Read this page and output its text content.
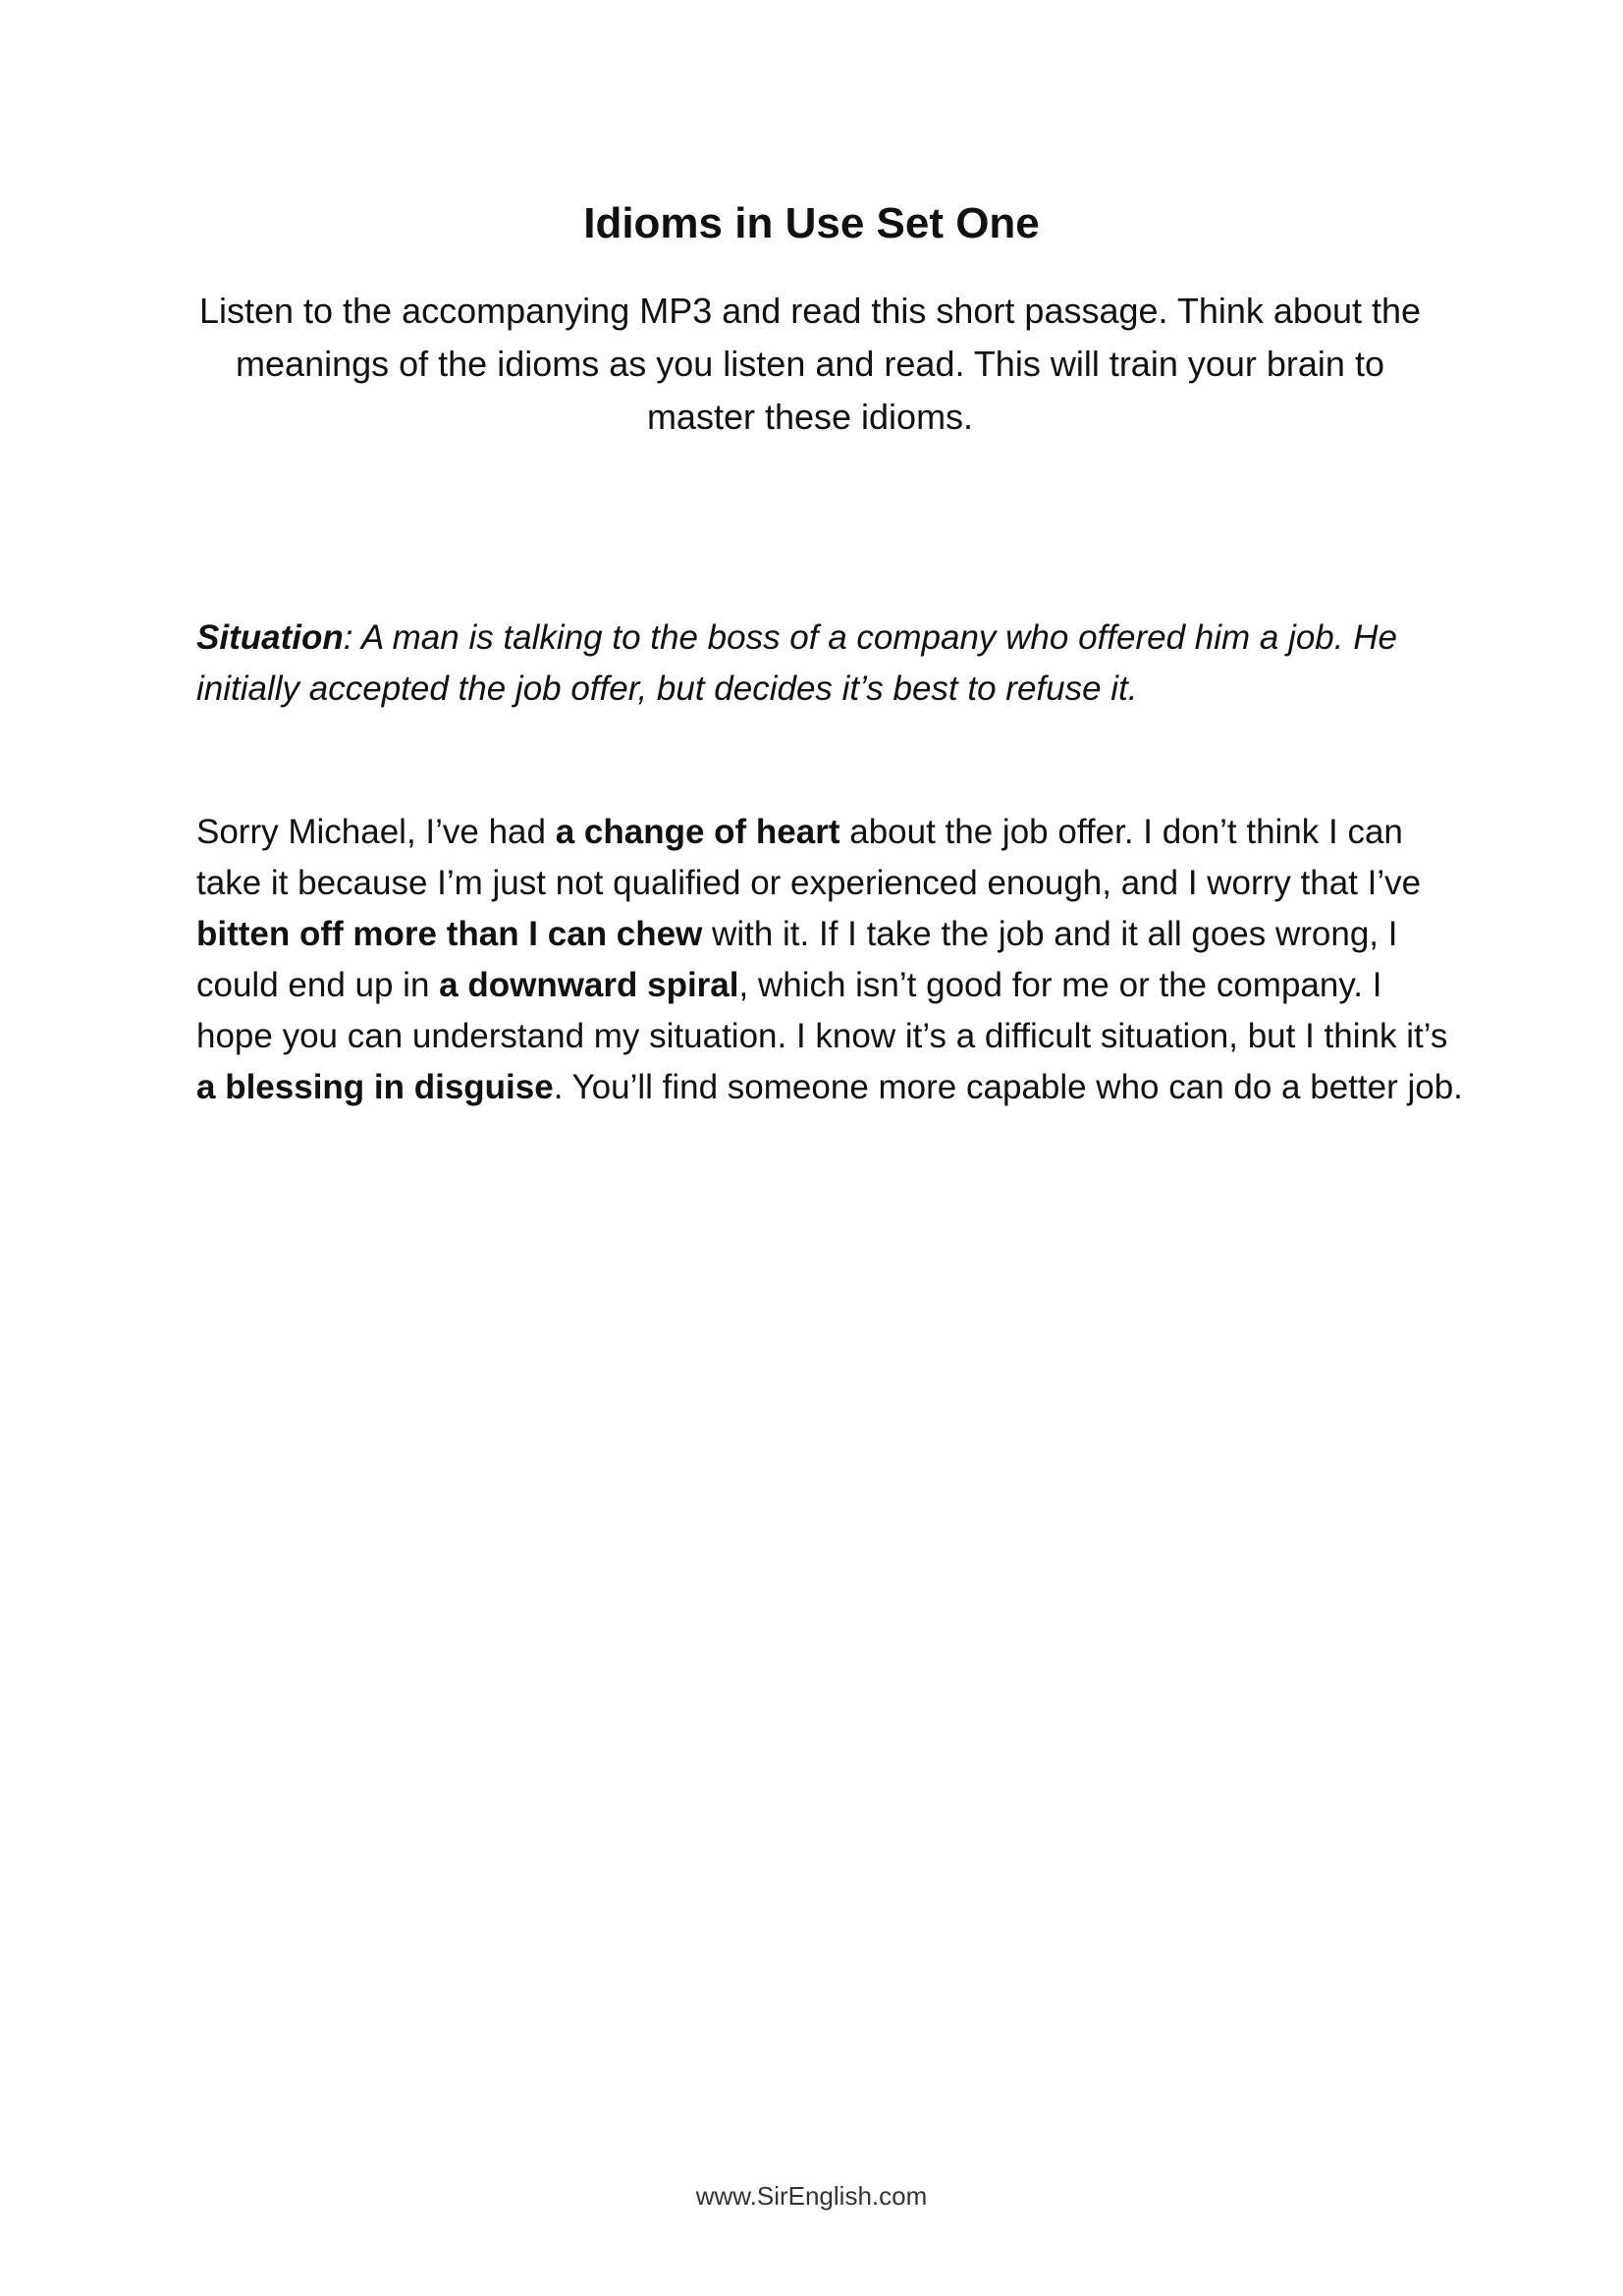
Idioms in Use Set One

Listen to the accompanying MP3 and read this short passage. Think about the meanings of the idioms as you listen and read. This will train your brain to master these idioms.

Situation: A man is talking to the boss of a company who offered him a job. He initially accepted the job offer, but decides it’s best to refuse it.

Sorry Michael, I’ve had a change of heart about the job offer. I don’t think I can take it because I’m just not qualified or experienced enough, and I worry that I’ve bitten off more than I can chew with it. If I take the job and it all goes wrong, I could end up in a downward spiral, which isn’t good for me or the company. I hope you can understand my situation. I know it’s a difficult situation, but I think it’s a blessing in disguise. You’ll find someone more capable who can do a better job.

www.SirEnglish.com
